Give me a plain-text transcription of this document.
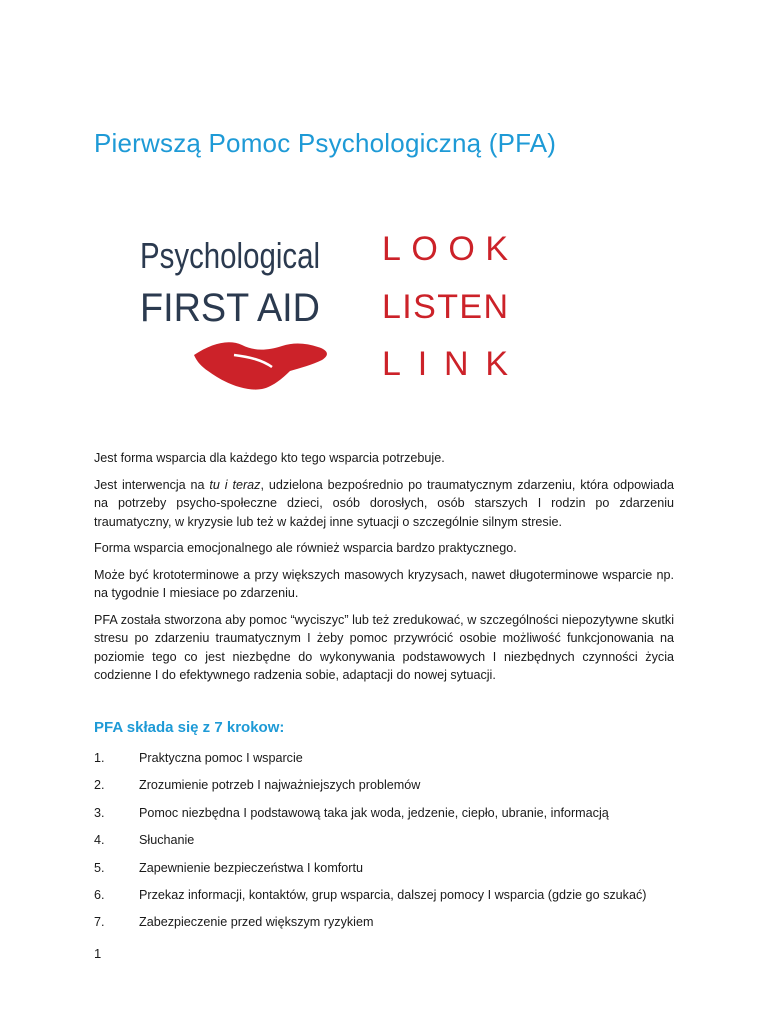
Pierwszą Pomoc Psychologiczną (PFA)
Psychological
FIRST AID
LOOK
LISTEN
LINK

Jest forma wsparcia dla każdego kto tego wsparcia potrzebuje.

Jest interwencja na tu i teraz, udzielona bezpośrednio po traumatycznym zdarzeniu, która odpowiada na potrzeby psycho-społeczne dzieci, osób dorosłych, osób starszych I rodzin po zdarzeniu traumatyczny, w kryzysie lub też w każdej inne sytuacji o szczególnie silnym stresie.

Forma wsparcia emocjonalnego ale również wsparcia bardzo praktycznego.

Może być krototerminowe a przy większych masowych kryzysach, nawet długoterminowe wsparcie np. na tygodnie I miesiace po zdarzeniu.

PFA została stworzona aby pomoc “wyciszyc” lub też zredukować, w szczególności niepozytywne skutki stresu po zdarzeniu traumatycznym I żeby pomoc przywrócić osobie możliwość funkcjonowania na poziomie tego co jest niezbędne do wykonywania podstawowych I niezbędnych czynności życia codzienne I do efektywnego radzenia sobie, adaptacji do nowej sytuacji.

PFA składa się z 7 krokow:
1.	Praktyczna pomoc I wsparcie
2.	Zrozumienie potrzeb I najważniejszych problemów
3.	Pomoc niezbędna I podstawową taka jak woda, jedzenie, ciepło, ubranie, informacją
4.	Słuchanie
5.	Zapewnienie bezpieczeństwa I komfortu
6.	Przekaz informacji, kontaktów, grup wsparcia, dalszej pomocy I wsparcia (gdzie go szukać)
7.	Zabezpieczenie przed większym ryzykiem
1
